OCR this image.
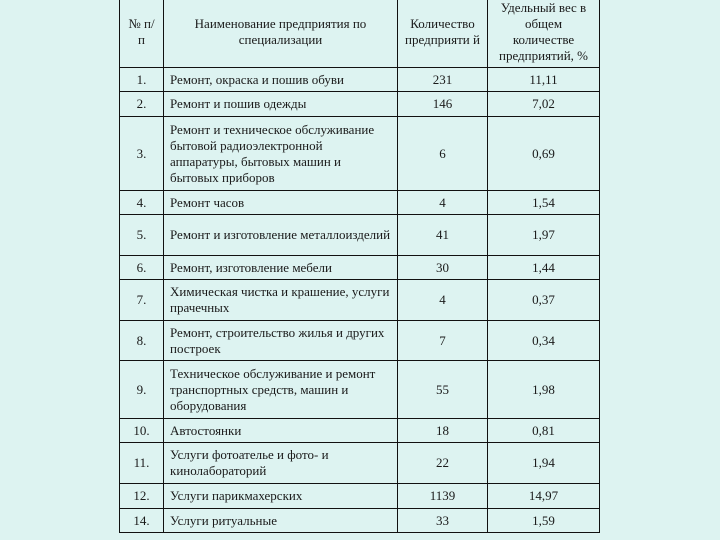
№ п/п	Наименование предприятия по специализации	Количество предприяти й	Удельный вес в общем количестве предприятий, %
1.	Ремонт, окраска и пошив обуви	231	11,11
2.	Ремонт и пошив одежды	146	7,02
3.	Ремонт и техническое обслуживание бытовой радиоэлектронной аппаратуры, бытовых машин и бытовых приборов	6	0,69
4.	Ремонт часов	4	1,54
5.	Ремонт и изготовление металлоизделий	41	1,97
6.	Ремонт, изготовление мебели	30	1,44
7.	Химическая чистка и крашение, услуги прачечных	4	0,37
8.	Ремонт, строительство жилья и других построек	7	0,34
9.	Техническое обслуживание и ремонт транспортных средств, машин и оборудования	55	1,98
10.	Автостоянки	18	0,81
11.	Услуги фотоателье и фото- и кинолабораторий	22	1,94
12.	Услуги парикмахерских	1139	14,97
14.	Услуги ритуальные	33	1,59
